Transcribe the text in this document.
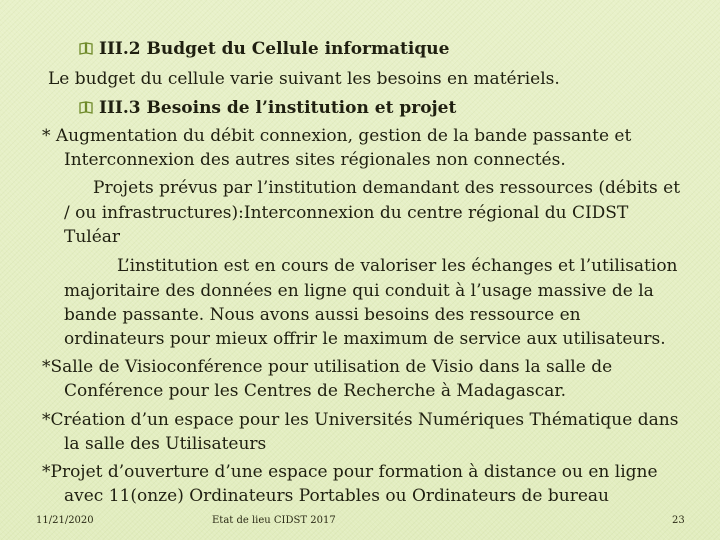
III.2 Budget du Cellule informatique
Le budget du cellule varie suivant les besoins en matériels.
III.3 Besoins de l’institution et projet
* Augmentation du débit connexion, gestion de la bande passante et
Interconnexion des autres sites régionales non connectés.
Projets prévus par l’institution demandant des ressources (débits et
/ ou infrastructures):Interconnexion du centre régional du CIDST
Tuléar
L’institution est en cours de valoriser les échanges et l’utilisation
majoritaire des données en ligne qui conduit à l’usage massive de la
bande passante. Nous avons aussi besoins des ressource en
ordinateurs pour mieux offrir le maximum de service aux utilisateurs.
*Salle de Visioconférence pour utilisation de Visio dans la salle de
Conférence pour les Centres de Recherche à Madagascar.
*Création d’un espace pour les Universités Numériques Thématique dans
la salle des Utilisateurs
*Projet d’ouverture d’une espace pour formation à distance ou en ligne
avec 11(onze) Ordinateurs Portables ou Ordinateurs de bureau
11/21/2020	Etat de lieu CIDST 2017	23
